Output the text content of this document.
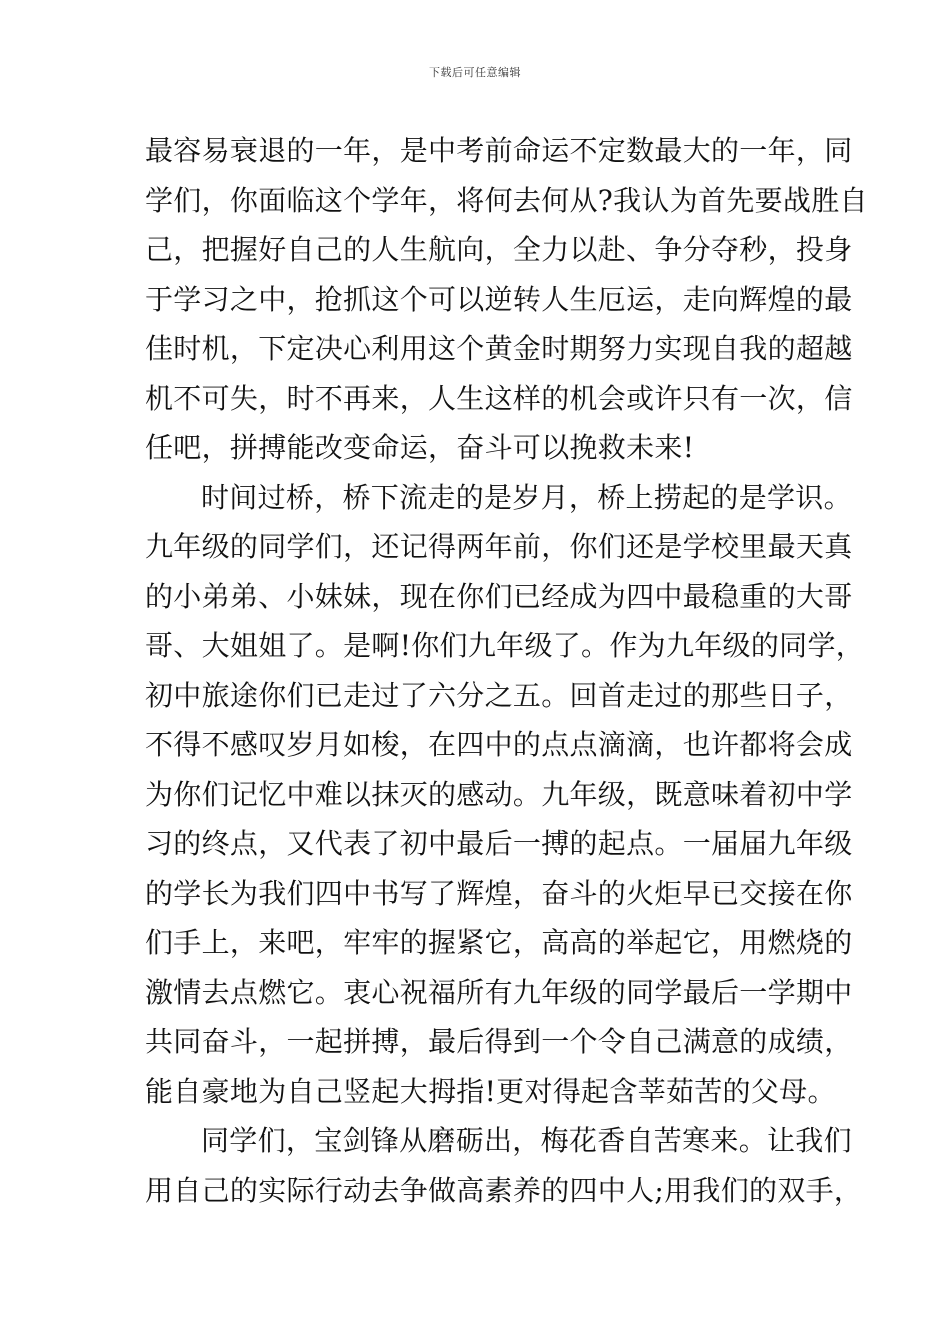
下载后可任意编辑
最容易衰退的一年，是中考前命运不定数最大的一年，同
学们，你面临这个学年，将何去何从?我认为首先要战胜自
己，把握好自己的人生航向，全力以赴、争分夺秒，投身
于学习之中，抢抓这个可以逆转人生厄运，走向辉煌的最
佳时机，下定决心利用这个黄金时期努力实现自我的超越
机不可失，时不再来，人生这样的机会或许只有一次，信
任吧，拼搏能改变命运，奋斗可以挽救未来!
时间过桥，桥下流走的是岁月，桥上捞起的是学识。
九年级的同学们，还记得两年前，你们还是学校里最天真
的小弟弟、小妹妹，现在你们已经成为四中最稳重的大哥
哥、大姐姐了。是啊!你们九年级了。作为九年级的同学，
初中旅途你们已走过了六分之五。回首走过的那些日子，
不得不感叹岁月如梭，在四中的点点滴滴，也许都将会成
为你们记忆中难以抹灭的感动。九年级，既意味着初中学
习的终点，又代表了初中最后一搏的起点。一届届九年级
的学长为我们四中书写了辉煌，奋斗的火炬早已交接在你
们手上，来吧，牢牢的握紧它，高高的举起它，用燃烧的
激情去点燃它。衷心祝福所有九年级的同学最后一学期中
共同奋斗，一起拼搏，最后得到一个令自己满意的成绩，
能自豪地为自己竖起大拇指!更对得起含莘茹苦的父母。
同学们，宝剑锋从磨砺出，梅花香自苦寒来。让我们
用自己的实际行动去争做高素养的四中人;用我们的双手，
